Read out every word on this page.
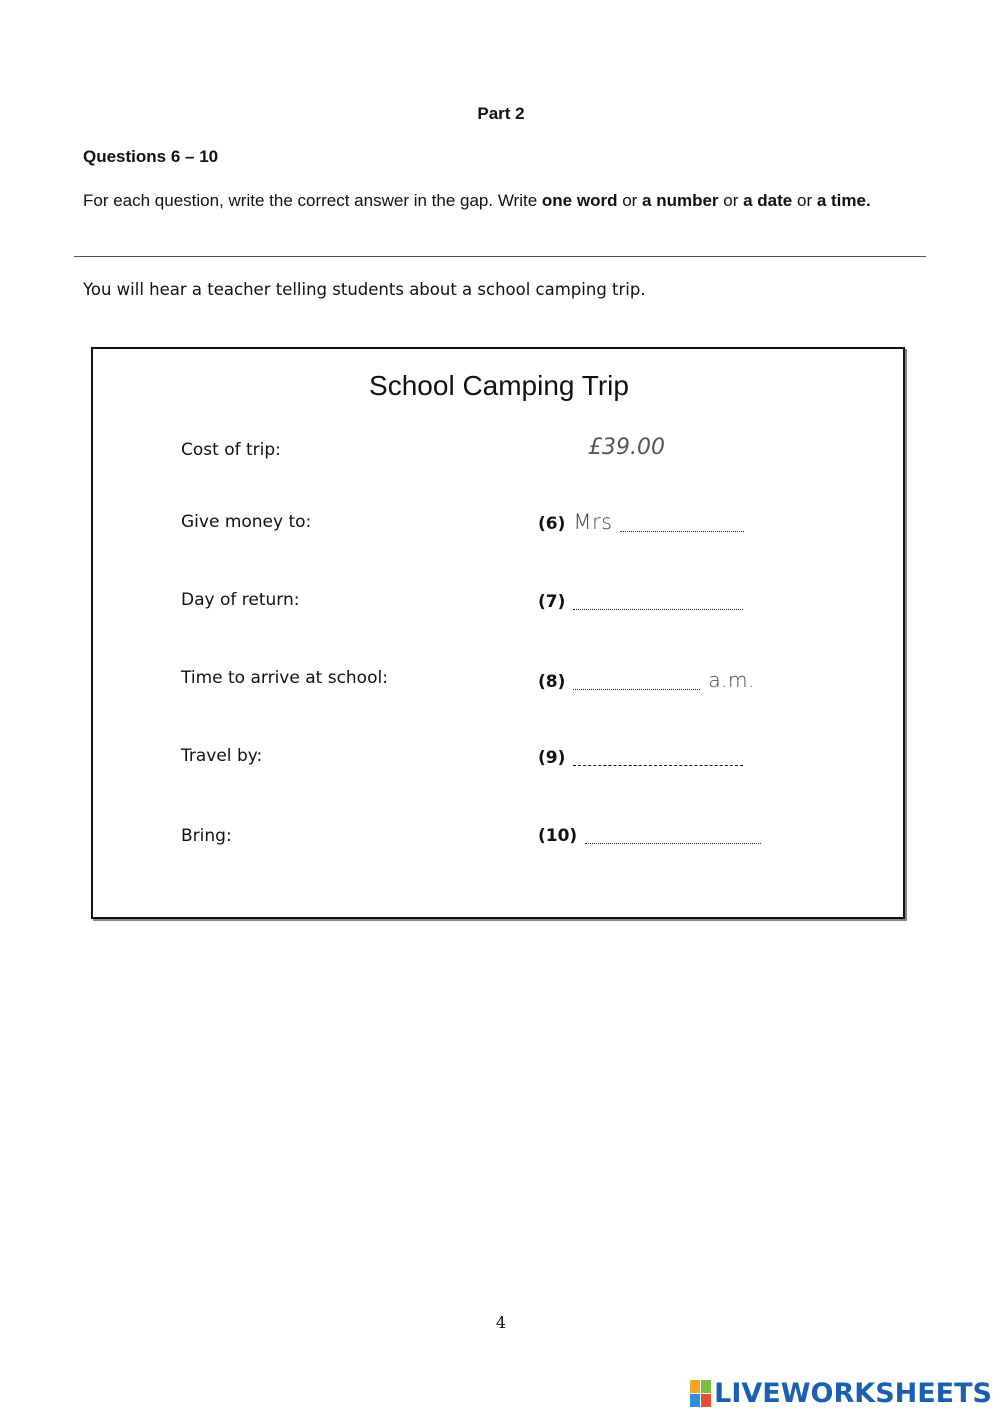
Part 2
Questions 6 – 10
For each question, write the correct answer in the gap. Write one word or a number or a date or a time.
You will hear a teacher telling students about a school camping trip.
School Camping Trip
Cost of trip:	£39.00
Give money to:	(6) Mrs
Day of return:	(7)
Time to arrive at school:	(8)	a.m.
Travel by:	(9)
Bring:	(10)
4
LIVEWORKSHEETS
